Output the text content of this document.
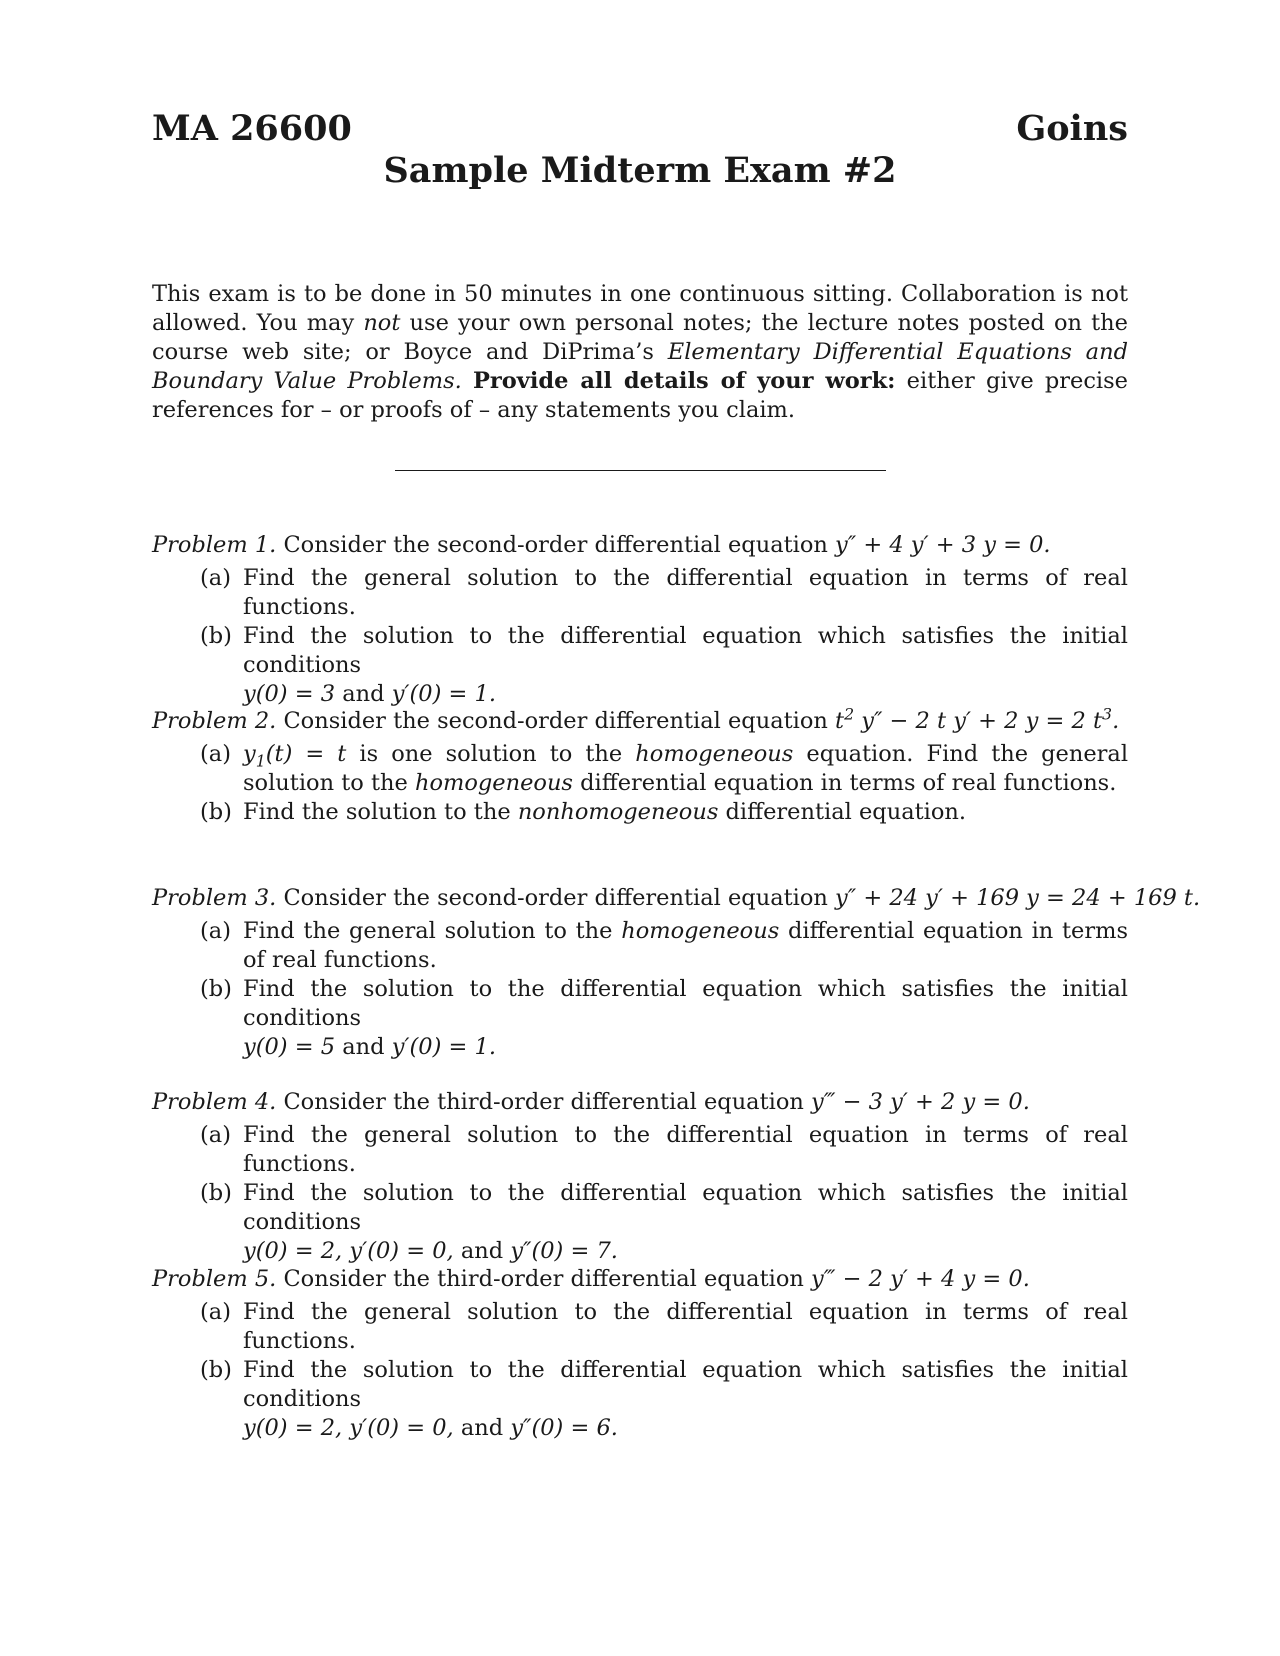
MA 26600	Goins
Sample Midterm Exam #2
This exam is to be done in 50 minutes in one continuous sitting. Collaboration is not allowed. You may not use your own personal notes; the lecture notes posted on the course web site; or Boyce and DiPrima’s Elementary Differential Equations and Boundary Value Problems. Provide all details of your work: either give precise references for – or proofs of – any statements you claim.
Problem 1. Consider the second-order differential equation y″ + 4 y′ + 3 y = 0.
(a) Find the general solution to the differential equation in terms of real functions.
(b) Find the solution to the differential equation which satisfies the initial conditions
y(0) = 3 and y′(0) = 1.
Problem 2. Consider the second-order differential equation $t^2$ y″ − 2 t y′ + 2 y = 2 $t^3$.
(a) $y_1(t) = t$ is one solution to the homogeneous equation. Find the general solution to the homogeneous differential equation in terms of real functions.
(b) Find the solution to the nonhomogeneous differential equation.
Problem 3. Consider the second-order differential equation y″ + 24 y′ + 169 y = 24 + 169 t.
(a) Find the general solution to the homogeneous differential equation in terms of real functions.
(b) Find the solution to the differential equation which satisfies the initial conditions
y(0) = 5 and y′(0) = 1.
Problem 4. Consider the third-order differential equation y‴ − 3 y′ + 2 y = 0.
(a) Find the general solution to the differential equation in terms of real functions.
(b) Find the solution to the differential equation which satisfies the initial conditions
y(0) = 2, y′(0) = 0, and y″(0) = 7.
Problem 5. Consider the third-order differential equation y‴ − 2 y′ + 4 y = 0.
(a) Find the general solution to the differential equation in terms of real functions.
(b) Find the solution to the differential equation which satisfies the initial conditions
y(0) = 2, y′(0) = 0, and y″(0) = 6.
